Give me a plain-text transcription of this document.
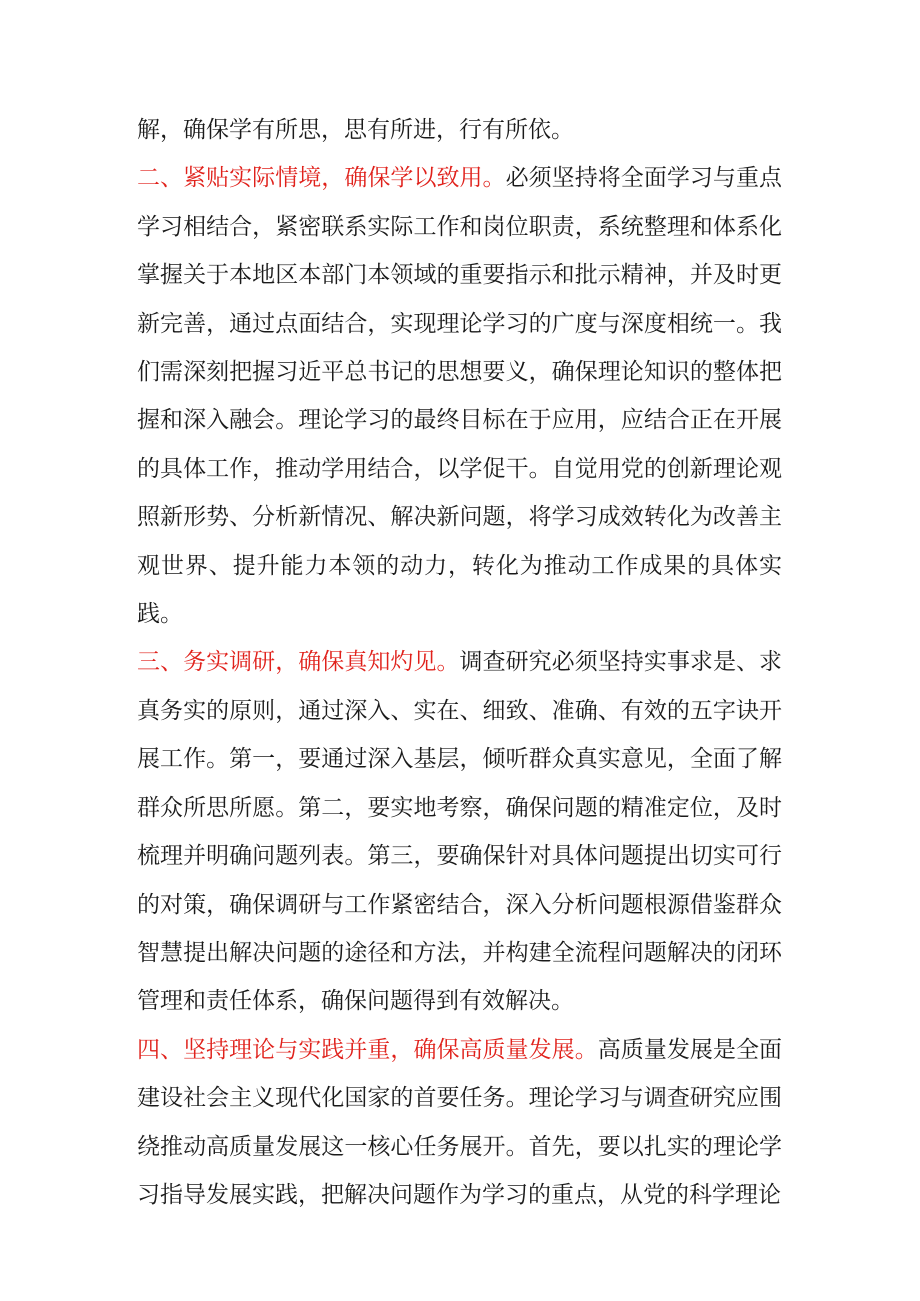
解，确保学有所思，思有所进，行有所依。

二、紧贴实际情境，确保学以致用。必须坚持将全面学习与重点学习相结合，紧密联系实际工作和岗位职责，系统整理和体系化掌握关于本地区本部门本领域的重要指示和批示精神，并及时更新完善，通过点面结合，实现理论学习的广度与深度相统一。我们需深刻把握习近平总书记的思想要义，确保理论知识的整体把握和深入融会。理论学习的最终目标在于应用，应结合正在开展的具体工作，推动学用结合，以学促干。自觉用党的创新理论观照新形势、分析新情况、解决新问题，将学习成效转化为改善主观世界、提升能力本领的动力，转化为推动工作成果的具体实践。

三、务实调研，确保真知灼见。调查研究必须坚持实事求是、求真务实的原则，通过深入、实在、细致、准确、有效的五字诀开展工作。第一，要通过深入基层，倾听群众真实意见，全面了解群众所思所愿。第二，要实地考察，确保问题的精准定位，及时梳理并明确问题列表。第三，要确保针对具体问题提出切实可行的对策，确保调研与工作紧密结合，深入分析问题根源借鉴群众智慧提出解决问题的途径和方法，并构建全流程问题解决的闭环管理和责任体系，确保问题得到有效解决。

四、坚持理论与实践并重，确保高质量发展。高质量发展是全面建设社会主义现代化国家的首要任务。理论学习与调查研究应围绕推动高质量发展这一核心任务展开。首先，要以扎实的理论学习指导发展实践，把解决问题作为学习的重点，从党的科学理论
